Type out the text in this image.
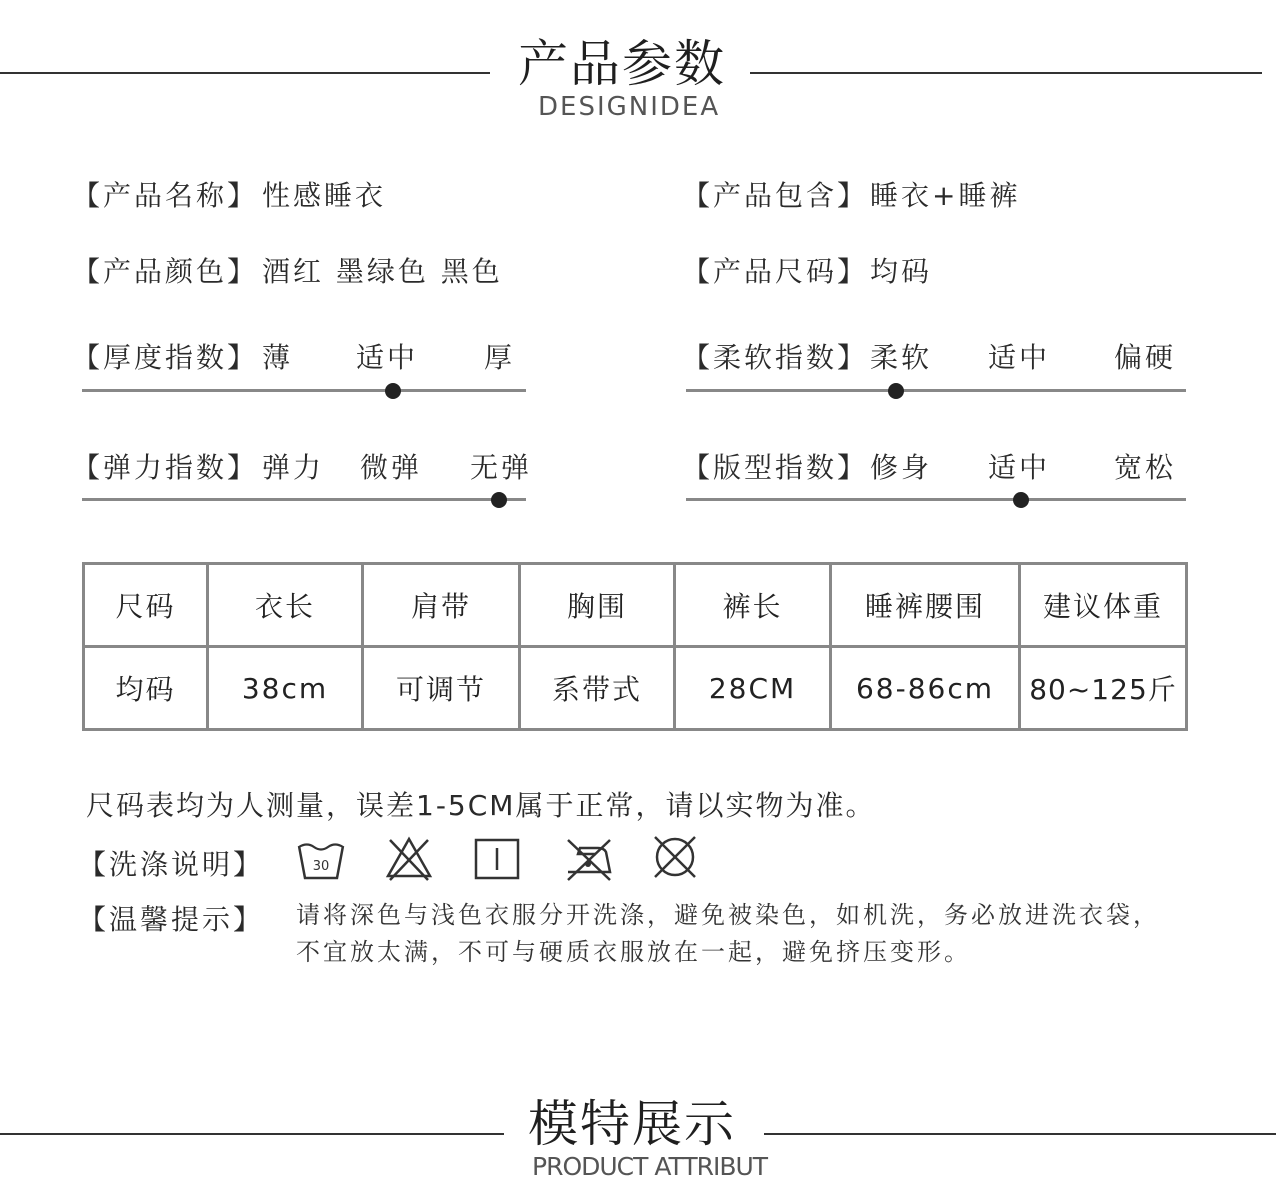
产品参数
DESIGNIDEA
【产品名称】 性感睡衣	【产品包含】 睡衣+睡裤
【产品颜色】 酒红 墨绿色 黑色	【产品尺码】 均码
【厚度指数】 薄 适中 厚	【柔软指数】 柔软 适中 偏硬
【弹力指数】 弹力 微弹 无弹	【版型指数】 修身 适中 宽松
尺码	衣长	肩带	胸围	裤长	睡裤腰围	建议体重
均码	38cm	可调节	系带式	28CM	68-86cm	80~125斤
尺码表均为人测量，误差1-5CM属于正常，请以实物为准。
【洗涤说明】	30
【温馨提示】 请将深色与浅色衣服分开洗涤，避免被染色，如机洗，务必放进洗衣袋，不宜放太满，不可与硬质衣服放在一起，避免挤压变形。
模特展示
PRODUCT ATTRIBUT
